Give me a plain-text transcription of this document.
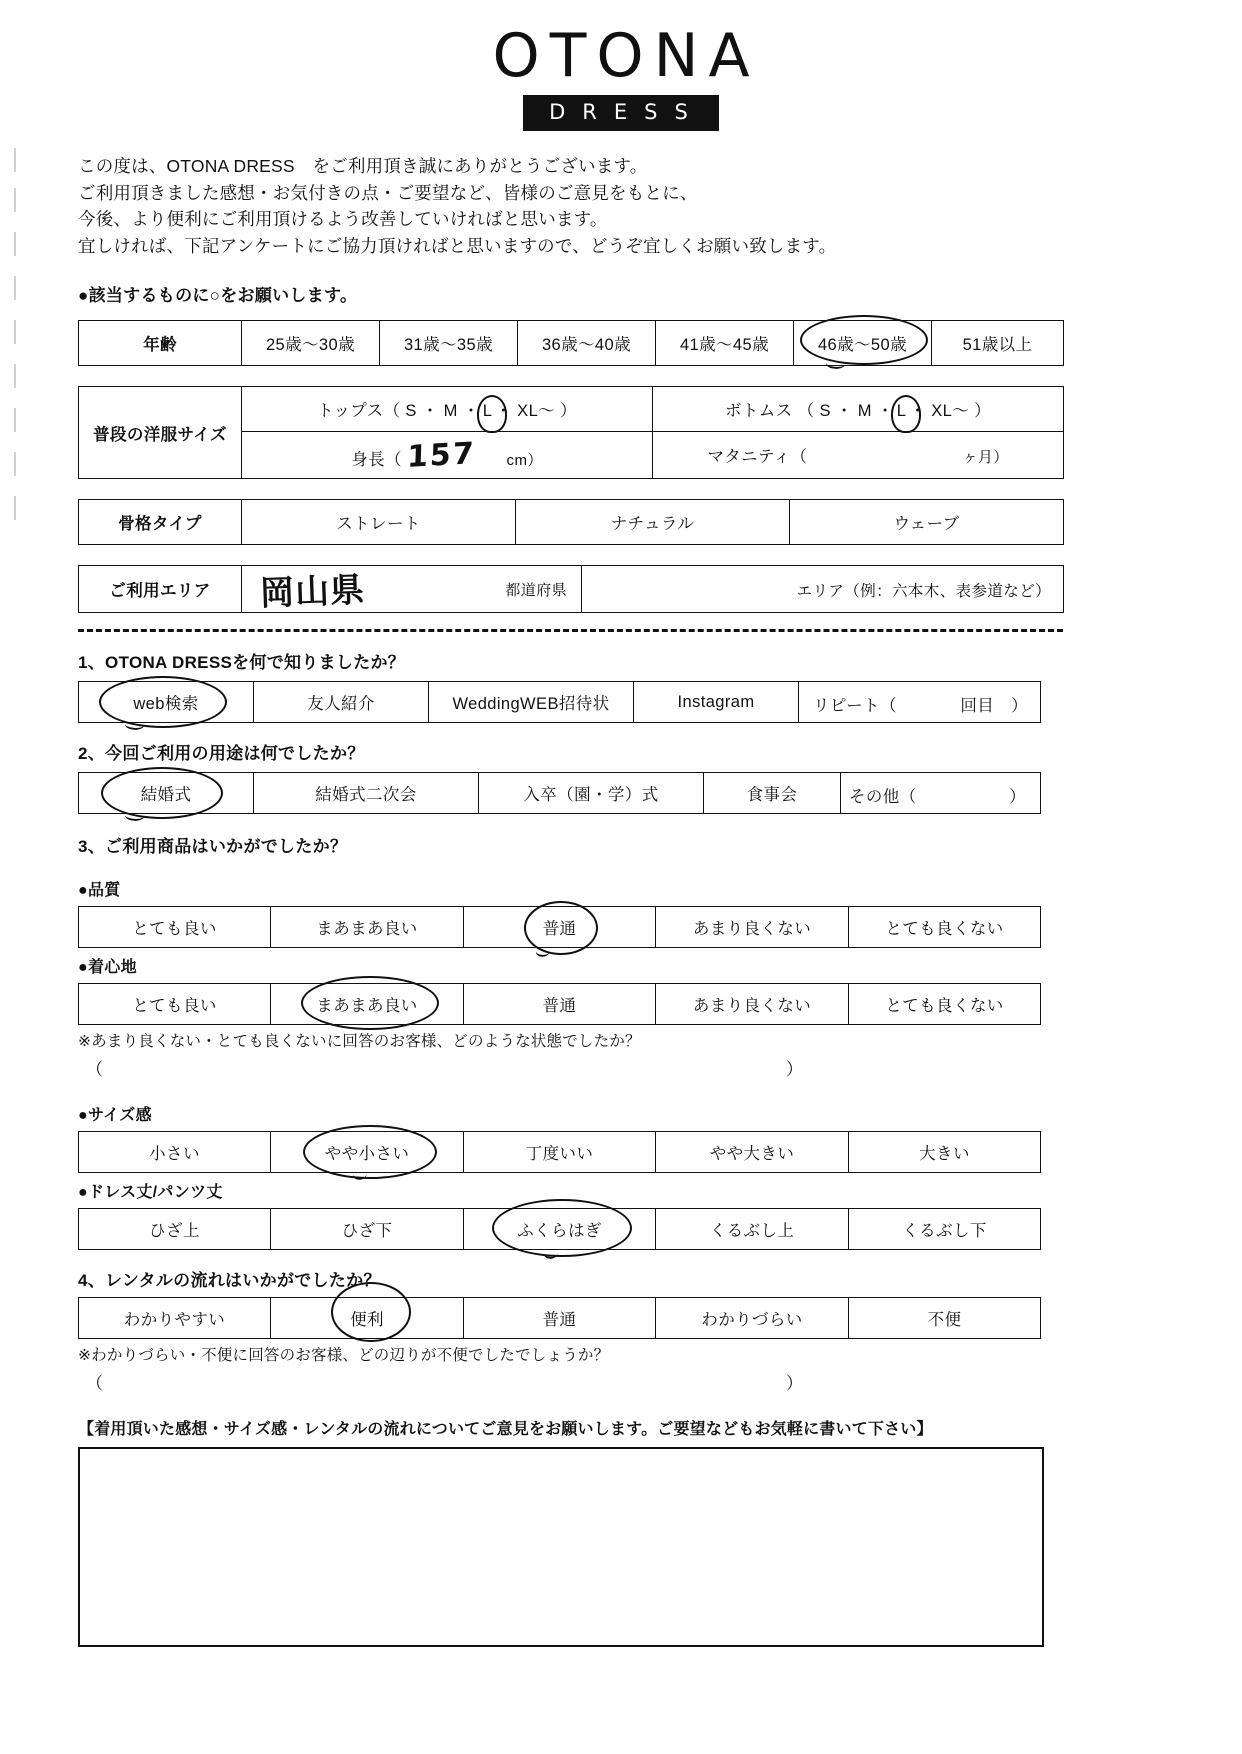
OTONA
DRESS
この度は、OTONA DRESS　をご利用頂き誠にありがとうございます。
ご利用頂きました感想・お気付きの点・ご要望など、皆様のご意見をもとに、
今後、より便利にご利用頂けるよう改善していければと思います。
宜しければ、下記アンケートにご協力頂ければと思いますので、どうぞ宜しくお願い致します。
●該当するものに○をお願いします。
年齢	25歳〜30歳	31歳〜35歳	36歳〜40歳	41歳〜45歳	46歳〜50歳	51歳以上
普段の洋服サイズ	トップス（ S ・ M ・ L ・ XL〜 ）	ボトムス （ S ・ M ・ L ・ XL〜 ）
	身長（ 157 cm）	マタニティ（ ヶ月）
骨格タイプ	ストレート	ナチュラル	ウェーブ
ご利用エリア	岡山県	都道府県	エリア（例：六本木、表参道など）
1、OTONA DRESSを何で知りましたか？
web検索	友人紹介	WeddingWEB招待状	Instagram	リピート（	回目　）
2、今回ご利用の用途は何でしたか？
結婚式	結婚式二次会	入卒（園・学）式	食事会	その他（	）
3、ご利用商品はいかがでしたか？
●品質
とても良い	まあまあ良い	普通	あまり良くない	とても良くない
●着心地
とても良い	まあまあ良い	普通	あまり良くない	とても良くない
※あまり良くない・とても良くないに回答のお客様、どのような状態でしたか？
（	）
●サイズ感
小さい	やや小さい	丁度いい	やや大きい	大きい
●ドレス丈/パンツ丈
ひざ上	ひざ下	ふくらはぎ	くるぶし上	くるぶし下
4、レンタルの流れはいかがでしたか？
わかりやすい	便利	普通	わかりづらい	不便
※わかりづらい・不便に回答のお客様、どの辺りが不便でしたでしょうか？
（	）
【着用頂いた感想・サイズ感・レンタルの流れについてご意見をお願いします。ご要望などもお気軽に書いて下さい】
